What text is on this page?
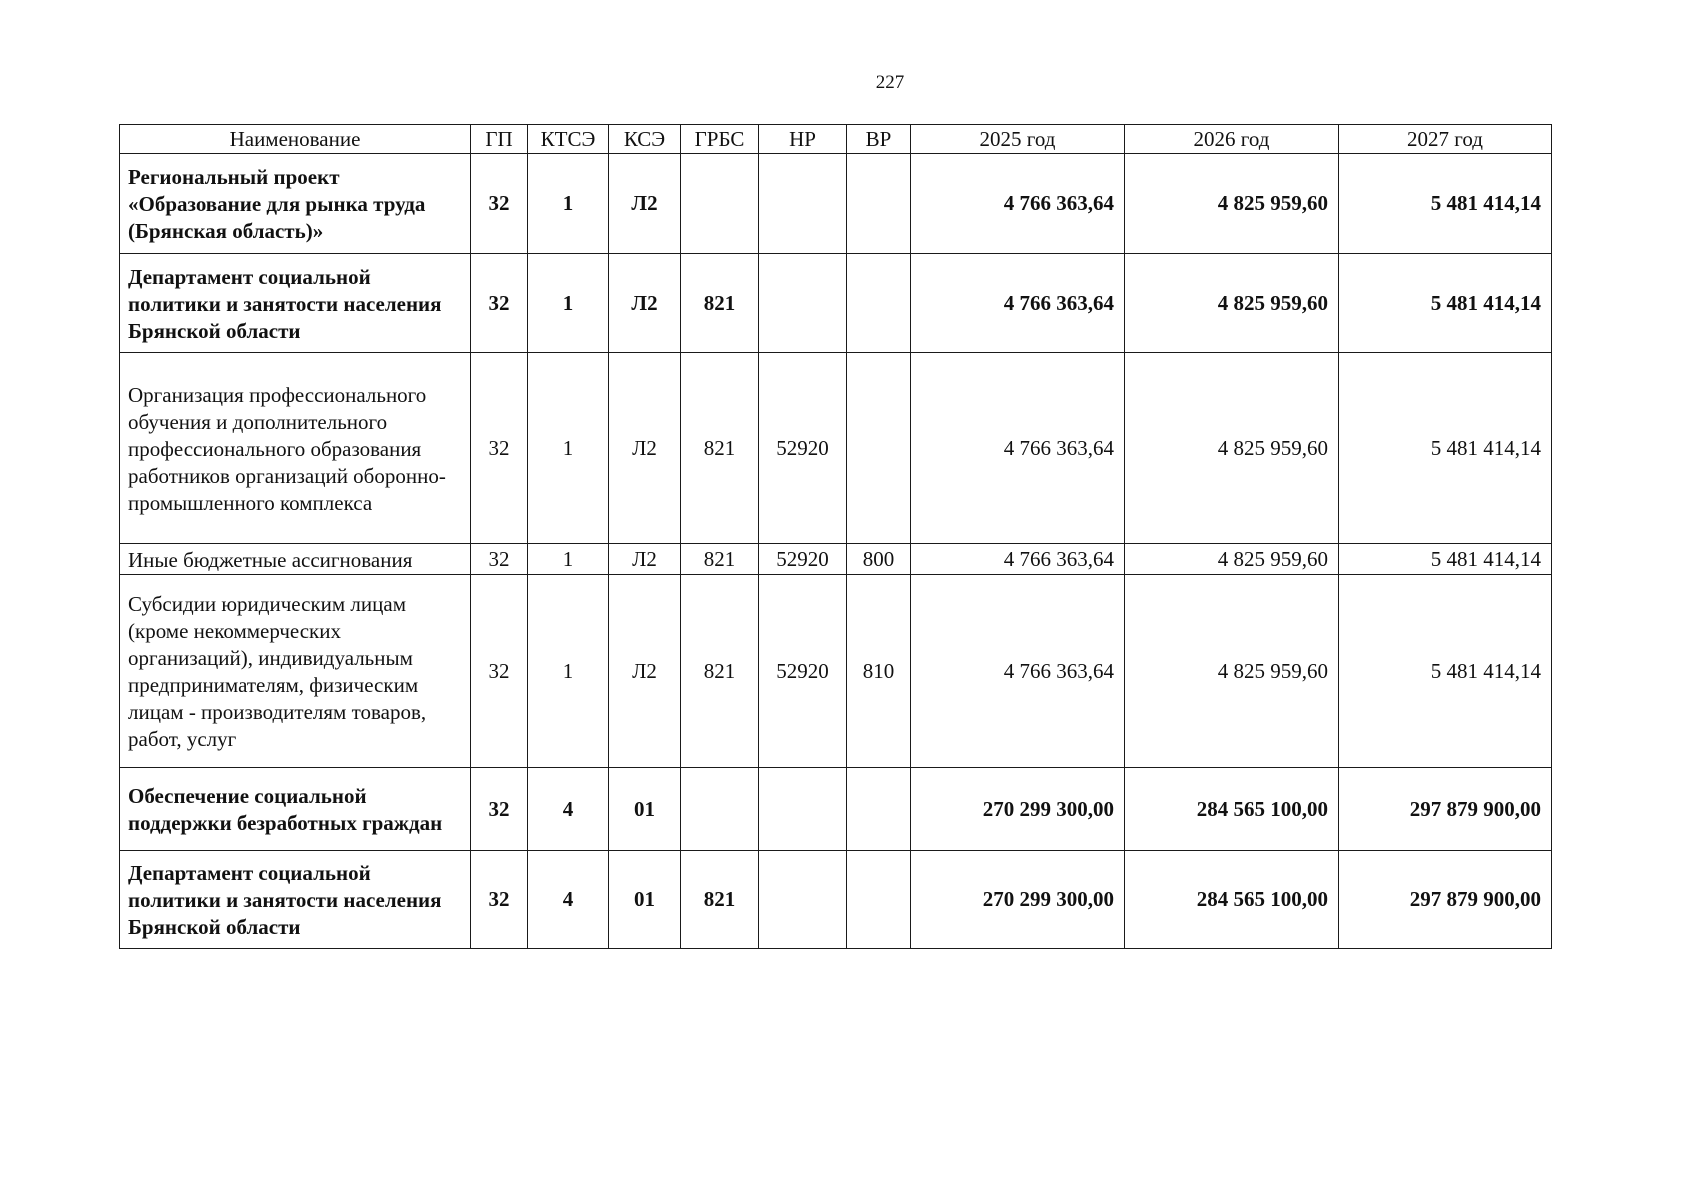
227
Наименование	ГП	КТСЭ	КСЭ	ГРБС	НР	ВР	2025 год	2026 год	2027 год
Региональный проект «Образование для рынка труда (Брянская область)»	32	1	Л2				4 766 363,64	4 825 959,60	5 481 414,14
Департамент социальной политики и занятости населения Брянской области	32	1	Л2	821			4 766 363,64	4 825 959,60	5 481 414,14
Организация профессионального обучения и дополнительного профессионального образования работников организаций оборонно-промышленного комплекса	32	1	Л2	821	52920		4 766 363,64	4 825 959,60	5 481 414,14
Иные бюджетные ассигнования	32	1	Л2	821	52920	800	4 766 363,64	4 825 959,60	5 481 414,14
Субсидии юридическим лицам (кроме некоммерческих организаций), индивидуальным предпринимателям, физическим лицам - производителям товаров, работ, услуг	32	1	Л2	821	52920	810	4 766 363,64	4 825 959,60	5 481 414,14
Обеспечение социальной поддержки безработных граждан	32	4	01				270 299 300,00	284 565 100,00	297 879 900,00
Департамент социальной политики и занятости населения Брянской области	32	4	01	821			270 299 300,00	284 565 100,00	297 879 900,00
